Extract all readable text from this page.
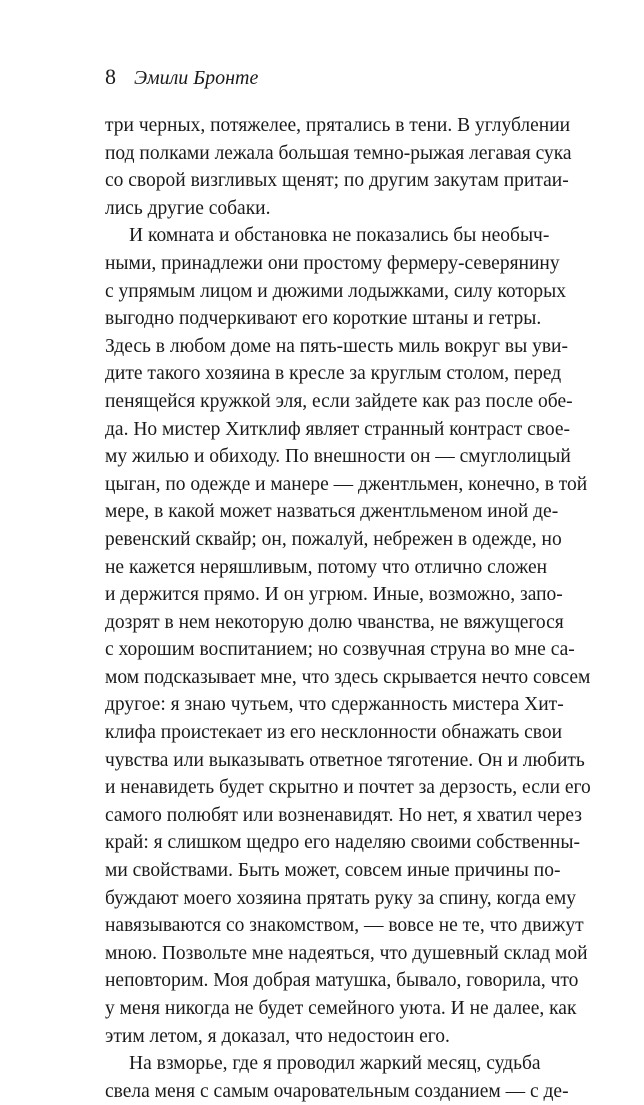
8 Эмили Бронте
три черных, потяжелее, прятались в тени. В углублении
под полками лежала большая темно-рыжая легавая сука
со сворой визгливых щенят; по другим закутам притаи-
лись другие собаки.
И комната и обстановка не показались бы необыч-
ными, принадлежи они простому фермеру-северянину
с упрямым лицом и дюжими лодыжками, силу которых
выгодно подчеркивают его короткие штаны и гетры.
Здесь в любом доме на пять-шесть миль вокруг вы уви-
дите такого хозяина в кресле за круглым столом, перед
пенящейся кружкой эля, если зайдете как раз после обе-
да. Но мистер Хитклиф являет странный контраст свое-
му жилью и обиходу. По внешности он — смуглолицый
цыган, по одежде и манере — джентльмен, конечно, в той
мере, в какой может назваться джентльменом иной де-
ревенский сквайр; он, пожалуй, небрежен в одежде, но
не кажется неряшливым, потому что отлично сложен
и держится прямо. И он угрюм. Иные, возможно, запо-
дозрят в нем некоторую долю чванства, не вяжущегося
с хорошим воспитанием; но созвучная струна во мне са-
мом подсказывает мне, что здесь скрывается нечто совсем
другое: я знаю чутьем, что сдержанность мистера Хит-
клифа проистекает из его несклонности обнажать свои
чувства или выказывать ответное тяготение. Он и любить
и ненавидеть будет скрытно и почтет за дерзость, если его
самого полюбят или возненавидят. Но нет, я хватил через
край: я слишком щедро его наделяю своими собственны-
ми свойствами. Быть может, совсем иные причины по-
буждают моего хозяина прятать руку за спину, когда ему
навязываются со знакомством, — вовсе не те, что движут
мною. Позвольте мне надеяться, что душевный склад мой
неповторим. Моя добрая матушка, бывало, говорила, что
у меня никогда не будет семейного уюта. И не далее, как
этим летом, я доказал, что недостоин его.
На взморье, где я проводил жаркий месяц, судьба
свела меня с самым очаровательным созданием — с де-
